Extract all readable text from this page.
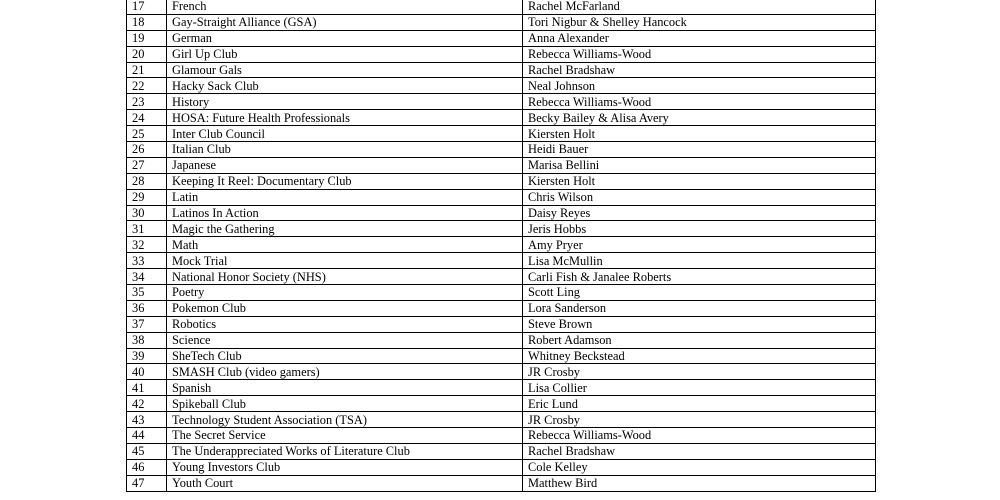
17	French	Rachel McFarland
18	Gay-Straight Alliance (GSA)	Tori Nigbur & Shelley Hancock
19	German	Anna Alexander
20	Girl Up Club	Rebecca Williams-Wood
21	Glamour Gals	Rachel Bradshaw
22	Hacky Sack Club	Neal Johnson
23	History	Rebecca Williams-Wood
24	HOSA: Future Health Professionals	Becky Bailey & Alisa Avery
25	Inter Club Council	Kiersten Holt
26	Italian Club	Heidi Bauer
27	Japanese	Marisa Bellini
28	Keeping It Reel: Documentary Club	Kiersten Holt
29	Latin	Chris Wilson
30	Latinos In Action	Daisy Reyes
31	Magic the Gathering	Jeris Hobbs
32	Math	Amy Pryer
33	Mock Trial	Lisa McMullin
34	National Honor Society (NHS)	Carli Fish & Janalee Roberts
35	Poetry	Scott Ling
36	Pokemon Club	Lora Sanderson
37	Robotics	Steve Brown
38	Science	Robert Adamson
39	SheTech Club	Whitney Beckstead
40	SMASH Club (video gamers)	JR Crosby
41	Spanish	Lisa Collier
42	Spikeball Club	Eric Lund
43	Technology Student Association (TSA)	JR Crosby
44	The Secret Service	Rebecca Williams-Wood
45	The Underappreciated Works of Literature Club	Rachel Bradshaw
46	Young Investors Club	Cole Kelley
47	Youth Court	Matthew Bird
